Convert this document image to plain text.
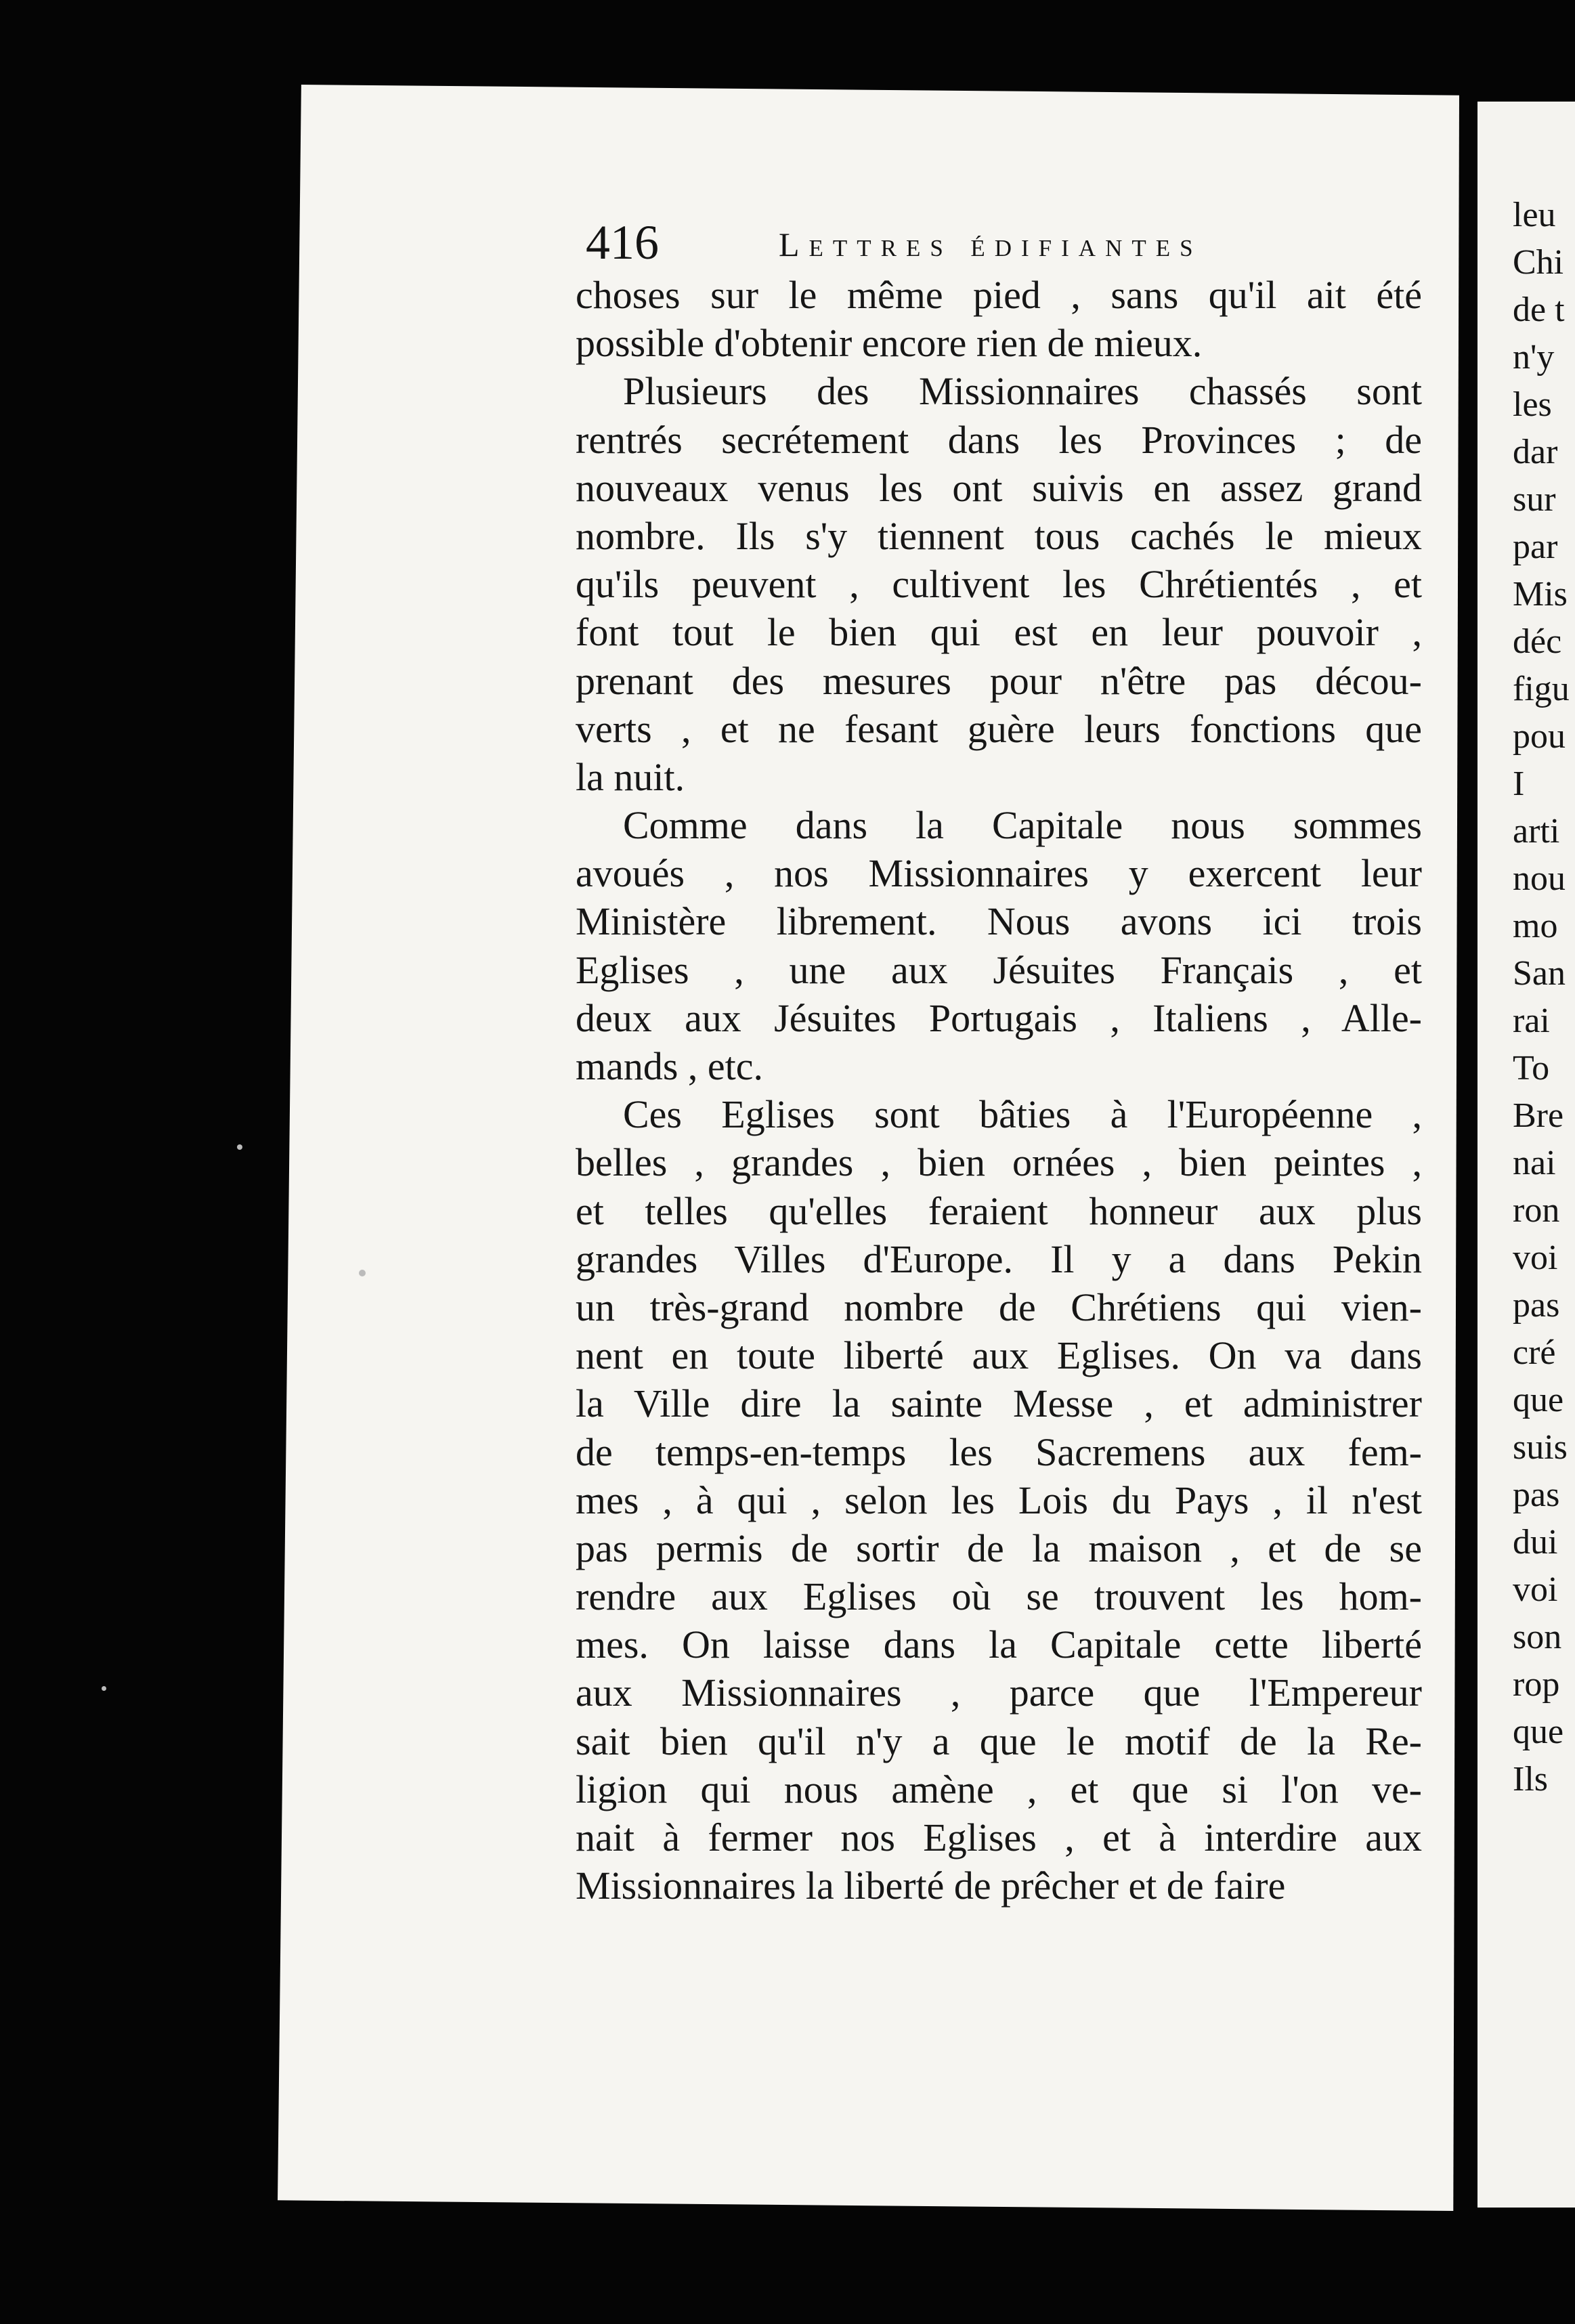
416	Lettres édifiantes
choses sur le même pied , sans qu'il ait été
possible d'obtenir encore rien de mieux.
Plusieurs des Missionnaires chassés sont
rentrés secrétement dans les Provinces ; de
nouveaux venus les ont suivis en assez grand
nombre. Ils s'y tiennent tous cachés le mieux
qu'ils peuvent , cultivent les Chrétientés , et
font tout le bien qui est en leur pouvoir ,
prenant des mesures pour n'être pas décou-
verts , et ne fesant guère leurs fonctions que
la nuit.
Comme dans la Capitale nous sommes
avoués , nos Missionnaires y exercent leur
Ministère librement. Nous avons ici trois
Eglises , une aux Jésuites Français , et
deux aux Jésuites Portugais , Italiens , Alle-
mands , etc.
Ces Eglises sont bâties à l'Européenne ,
belles , grandes , bien ornées , bien peintes ,
et telles qu'elles feraient honneur aux plus
grandes Villes d'Europe. Il y a dans Pekin
un très-grand nombre de Chrétiens qui vien-
nent en toute liberté aux Eglises. On va dans
la Ville dire la sainte Messe , et administrer
de temps-en-temps les Sacremens aux fem-
mes , à qui , selon les Lois du Pays , il n'est
pas permis de sortir de la maison , et de se
rendre aux Eglises où se trouvent les hom-
mes. On laisse dans la Capitale cette liberté
aux Missionnaires , parce que l'Empereur
sait bien qu'il n'y a que le motif de la Re-
ligion qui nous amène , et que si l'on ve-
nait à fermer nos Eglises , et à interdire aux
Missionnaires la liberté de prêcher et de faire
leu
Chi
de t
n'y
les
dar
sur
par
Mis
déc
figu
pou
I
arti
nou
mo
San
rai
To
Bre
nai
ron
voi
pas
cré
que
suis
pas
dui
voi
son
rop
que
Ils
